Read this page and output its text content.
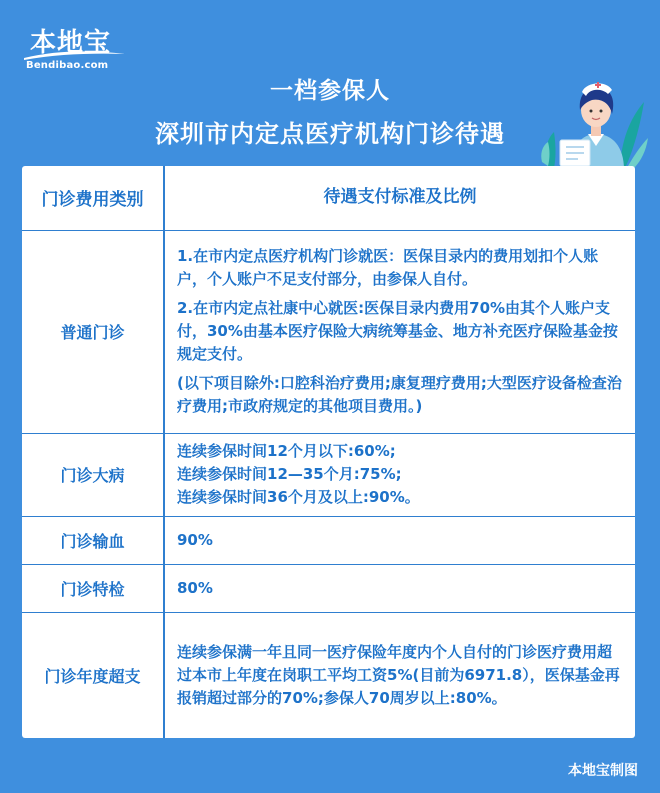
本地宝
Bendibao.com
一档参保人
深圳市内定点医疗机构门诊待遇
门诊费用类别	待遇支付标准及比例
普通门诊	1.在市内定点医疗机构门诊就医：医保目录内的费用划扣个人账户，个人账户不足支付部分，由参保人自付。

2.在市内定点社康中心就医:医保目录内费用70%由其个人账户支付，30%由基本医疗保险大病统筹基金、地方补充医疗保险基金按规定支付。

(以下项目除外:口腔科治疗费用;康复理疗费用;大型医疗设备检查治疗费用;市政府规定的其他项目费用。)

门诊大病	连续参保时间12个月以下:60%;
连续参保时间12—35个月:75%;
连续参保时间36个月及以上:90%。

门诊输血	90%
门诊特检	80%
门诊年度超支	连续参保满一年且同一医疗保险年度内个人自付的门诊医疗费用超过本市上年度在岗职工平均工资5%(目前为6971.8），医保基金再报销超过部分的70%;参保人70周岁以上:80%。
本地宝制图
